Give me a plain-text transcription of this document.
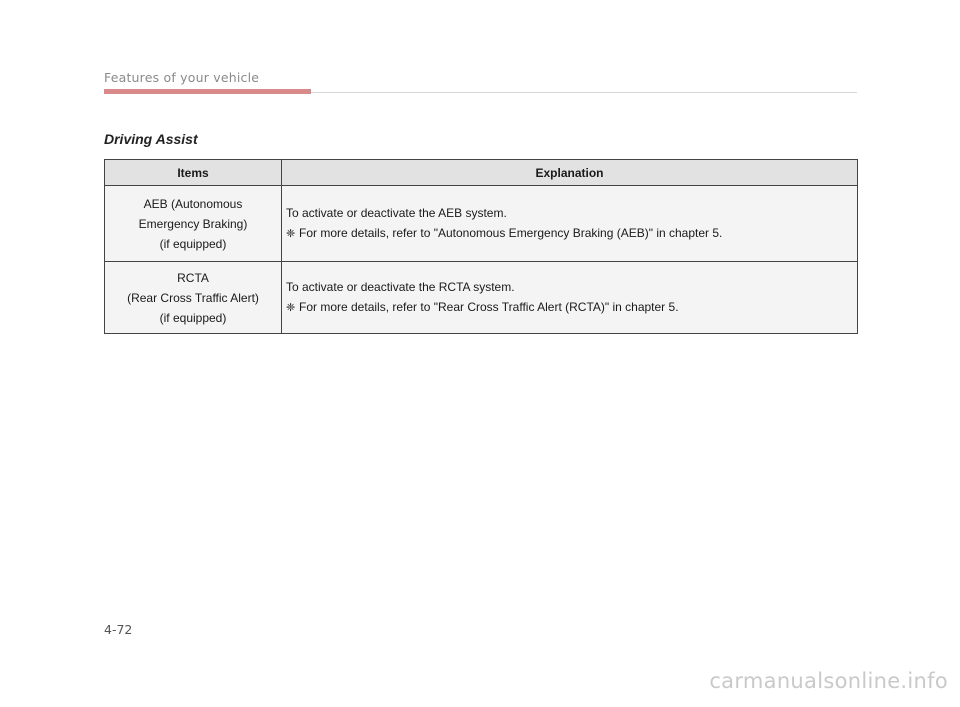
Features of your vehicle
Driving Assist
Items	Explanation

AEB (Autonomous
Emergency Braking)
(if equipped)	To activate or deactivate the AEB system.
❈ For more details, refer to "Autonomous Emergency Braking (AEB)" in chapter 5.

RCTA
(Rear Cross Traffic Alert)
(if equipped)	To activate or deactivate the RCTA system.
❈ For more details, refer to "Rear Cross Traffic Alert (RCTA)" in chapter 5.
4-72
carmanualsonline.info
